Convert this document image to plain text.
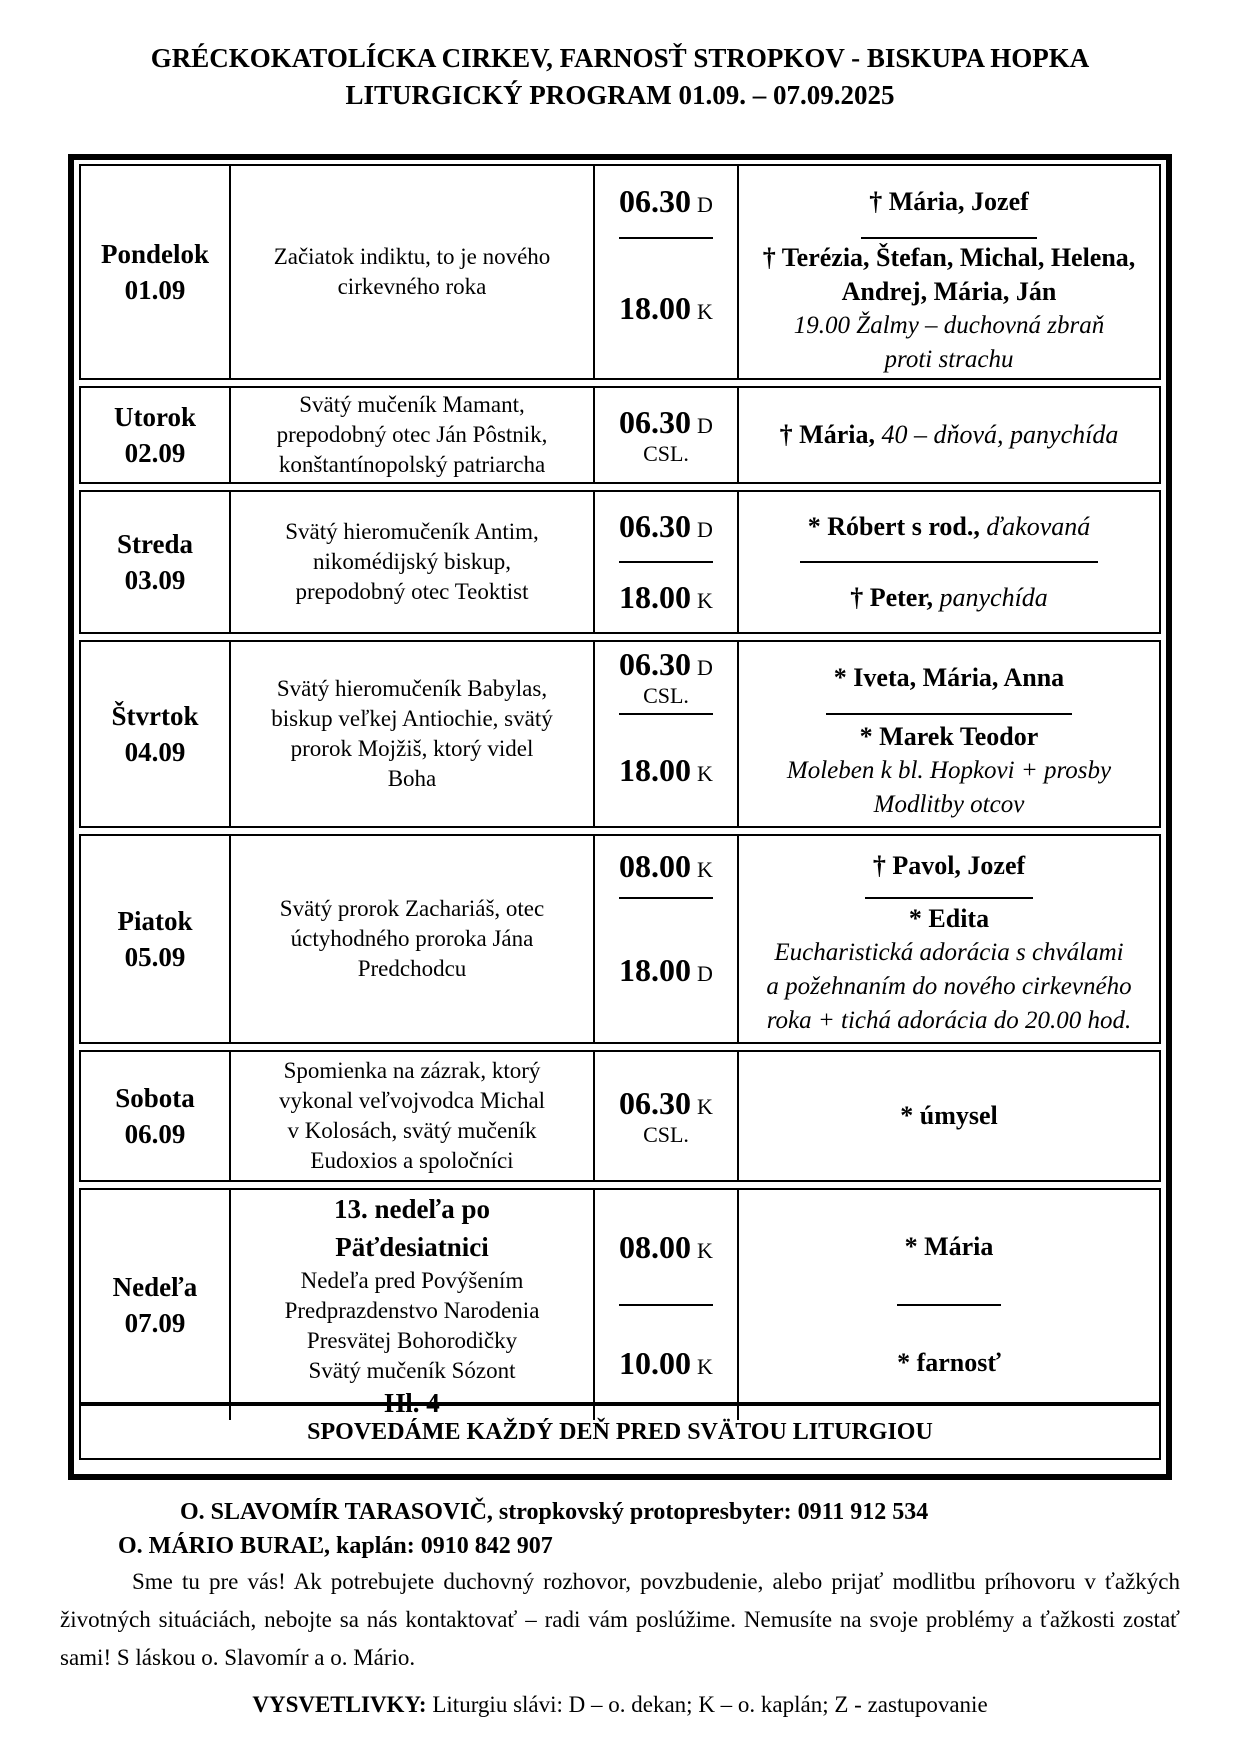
GRÉCKOKATOLÍCKA CIRKEV, FARNOSŤ STROPKOV - BISKUPA HOPKA
LITURGICKÝ PROGRAM 01.09. – 07.09.2025
SPOVEDÁME KAŽDÝ DEŇ PRED SVÄTOU LITURGIOU
Pondelok
01.09
Začiatok indiktu, to je nového
cirkevného roka
06.30 D
18.00 K
† Mária, Jozef
† Terézia, Štefan, Michal, Helena, Andrej, Mária, Ján
19.00 Žalmy – duchovná zbraň
proti strachu
Utorok
02.09
Svätý mučeník Mamant,
prepodobný otec Ján Pôstnik,
konštantínopolský patriarcha
06.30 D
CSL.
† Mária, 40 – dňová, panychída
Streda
03.09
Svätý hieromučeník Antim,
nikomédijský biskup,
prepodobný otec Teoktist
06.30 D
18.00 K
* Róbert s rod., ďakovaná
† Peter, panychída
Štvrtok
04.09
Svätý hieromučeník Babylas,
biskup veľkej Antiochie, svätý
prorok Mojžiš, ktorý videl
Boha
06.30 D
CSL.
18.00 K
* Iveta, Mária, Anna
* Marek Teodor
Moleben k bl. Hopkovi + prosby
Modlitby otcov
Piatok
05.09
Svätý prorok Zachariáš, otec
úctyhodného proroka Jána
Predchodcu
08.00 K
18.00 D
† Pavol, Jozef
* Edita
Eucharistická adorácia s chválami
a požehnaním do nového cirkevného
roka + tichá adorácia do 20.00 hod.
Sobota
06.09
Spomienka na zázrak, ktorý
vykonal veľvojvodca Michal
v Kolosách, svätý mučeník
Eudoxios a spoločníci
06.30 K
CSL.
* úmysel
Nedeľa
07.09
13. nedeľa po
Päťdesiatnici
Nedeľa pred Povýšením
Predprazdenstvo Narodenia
Presvätej Bohorodičky
Svätý mučeník Sózont
Hl. 4
08.00 K
10.00 K
* Mária
* farnosť
O. SLAVOMÍR TARASOVIČ, stropkovský protopresbyter: 0911 912 534
O. MÁRIO BURAĽ, kaplán: 0910 842 907
Sme tu pre vás! Ak potrebujete duchovný rozhovor, povzbudenie, alebo prijať modlitbu príhovoru v ťažkých životných situáciách, nebojte sa nás kontaktovať – radi vám poslúžime. Nemusíte na svoje problémy a ťažkosti zostať sami! S láskou o. Slavomír a o. Mário.
VYSVETLIVKY: Liturgiu slávi: D – o. dekan; K – o. kaplán; Z - zastupovanie
